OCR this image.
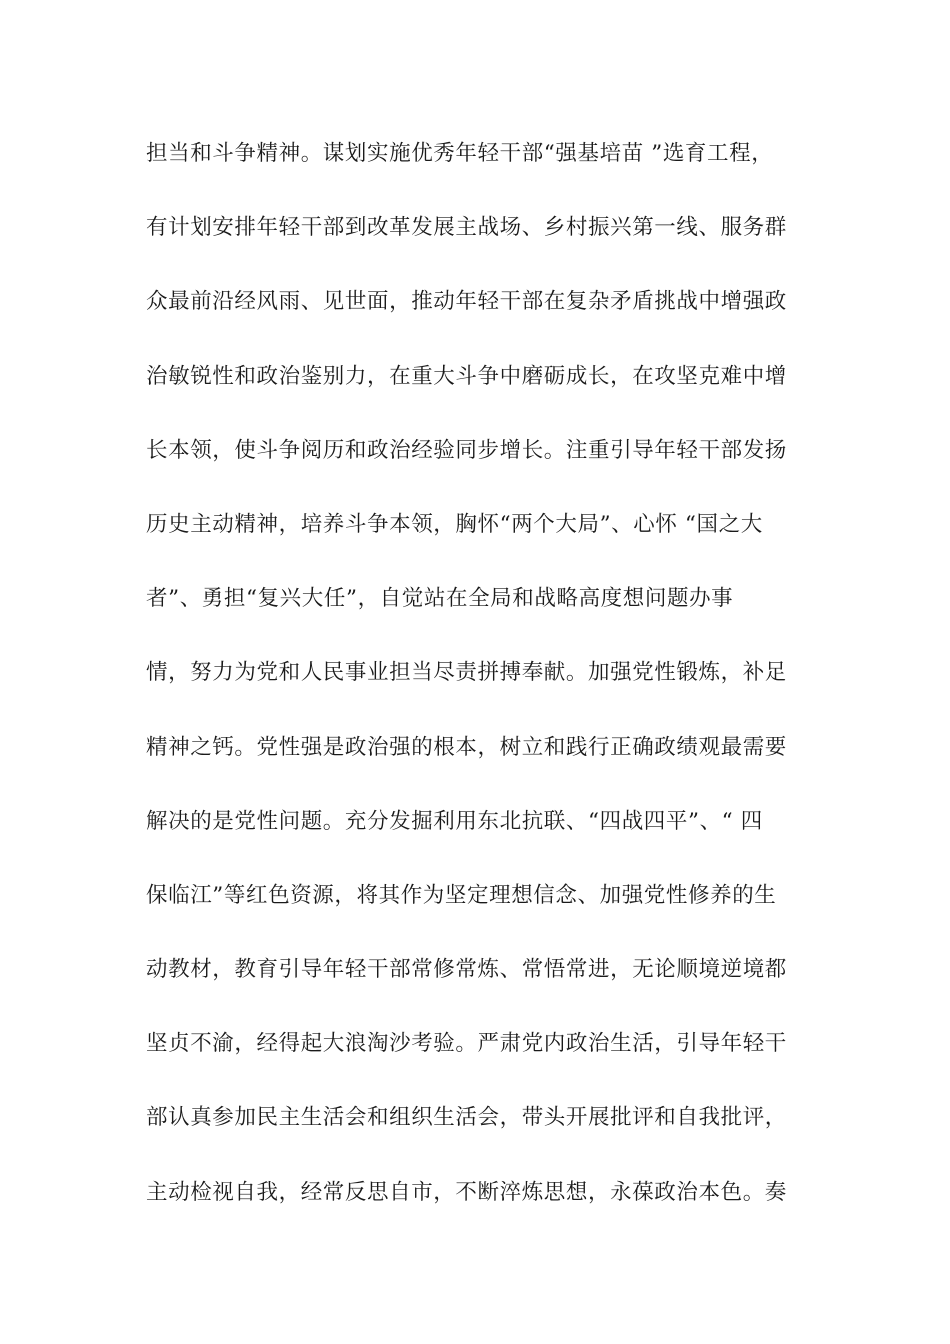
担当和斗争精神。谋划实施优秀年轻干部“强基培苗 ”选育工程，
有计划安排年轻干部到改革发展主战场、乡村振兴第一线、服务群
众最前沿经风雨、见世面，推动年轻干部在复杂矛盾挑战中增强政
治敏锐性和政治鉴别力，在重大斗争中磨砺成长，在攻坚克难中增
长本领，使斗争阅历和政治经验同步增长。注重引导年轻干部发扬
历史主动精神，培养斗争本领，胸怀“两个大局”、心怀 “国之大
者”、勇担“复兴大任”，自觉站在全局和战略高度想问题办事
情，努力为党和人民事业担当尽责拼搏奉献。加强党性锻炼，补足
精神之钙。党性强是政治强的根本，树立和践行正确政绩观最需要
解决的是党性问题。充分发掘利用东北抗联、“四战四平”、“ 四
保临江”等红色资源，将其作为坚定理想信念、加强党性修养的生
动教材，教育引导年轻干部常修常炼、常悟常进，无论顺境逆境都
坚贞不渝，经得起大浪淘沙考验。严肃党内政治生活，引导年轻干
部认真参加民主生活会和组织生活会，带头开展批评和自我批评，
主动检视自我，经常反思自市，不断淬炼思想，永葆政治本色。奏
